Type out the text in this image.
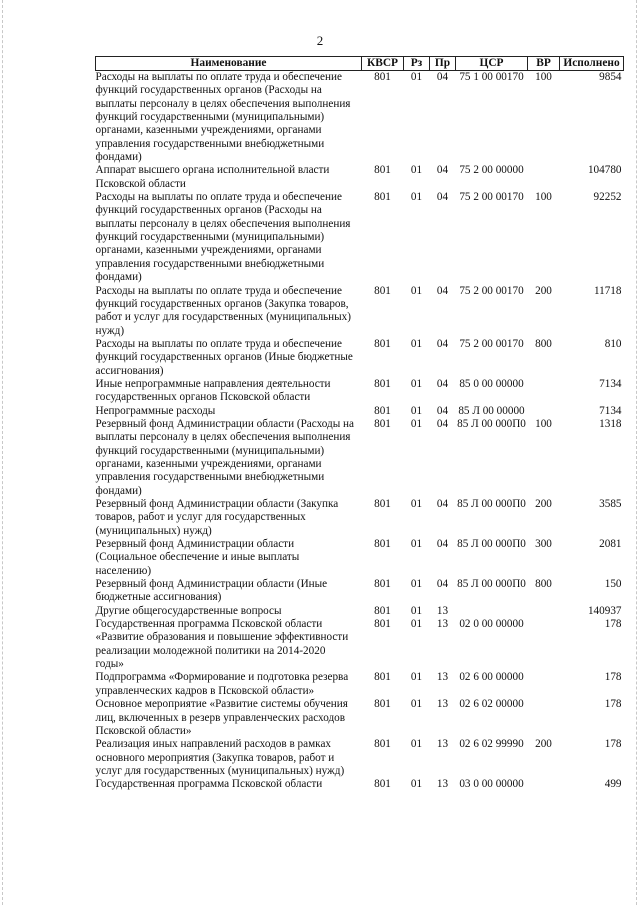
2
Наименование	КВСР	Рз	Пр	ЦСР	ВР	Исполнено
Расходы на выплаты по оплате труда и обеспечение функций государственных органов (Расходы на выплаты персоналу в целях обеспечения выполнения функций государственными (муниципальными) органами, казенными учреждениями, органами управления государственными внебюджетными фондами)	801	01	04	75 1 00 00170	100	9854
Аппарат высшего органа исполнительной власти Псковской области	801	01	04	75 2 00 00000		104780
Расходы на выплаты по оплате труда и обеспечение функций государственных органов (Расходы на выплаты персоналу в целях обеспечения выполнения функций государственными (муниципальными) органами, казенными учреждениями, органами управления государственными внебюджетными фондами)	801	01	04	75 2 00 00170	100	92252
Расходы на выплаты по оплате труда и обеспечение функций государственных органов (Закупка товаров, работ и услуг для государственных (муниципальных) нужд)	801	01	04	75 2 00 00170	200	11718
Расходы на выплаты по оплате труда и обеспечение функций государственных органов (Иные бюджетные ассигнования)	801	01	04	75 2 00 00170	800	810
Иные непрограммные направления деятельности государственных органов Псковской области	801	01	04	85 0 00 00000		7134
Непрограммные расходы	801	01	04	85 Л 00 00000		7134
Резервный фонд Администрации области (Расходы на выплаты персоналу в целях обеспечения выполнения функций государственными (муниципальными) органами, казенными учреждениями, органами управления государственными внебюджетными фондами)	801	01	04	85 Л 00 000П0	100	1318
Резервный фонд Администрации области (Закупка товаров, работ и услуг для государственных (муниципальных) нужд)	801	01	04	85 Л 00 000П0	200	3585
Резервный фонд Администрации области (Социальное обеспечение и иные выплаты населению)	801	01	04	85 Л 00 000П0	300	2081
Резервный фонд Администрации области (Иные бюджетные ассигнования)	801	01	04	85 Л 00 000П0	800	150
Другие общегосударственные вопросы	801	01	13			140937
Государственная программа Псковской области «Развитие образования и повышение эффективности реализации молодежной политики на 2014-2020 годы»	801	01	13	02 0 00 00000		178
Подпрограмма «Формирование и подготовка резерва управленческих кадров в Псковской области»	801	01	13	02 6 00 00000		178
Основное мероприятие «Развитие системы обучения лиц, включенных в резерв управленческих расходов Псковской области»	801	01	13	02 6 02 00000		178
Реализация иных направлений расходов в рамках основного мероприятия (Закупка товаров, работ и услуг для государственных (муниципальных) нужд)	801	01	13	02 6 02 99990	200	178
Государственная программа Псковской области	801	01	13	03 0 00 00000		499
